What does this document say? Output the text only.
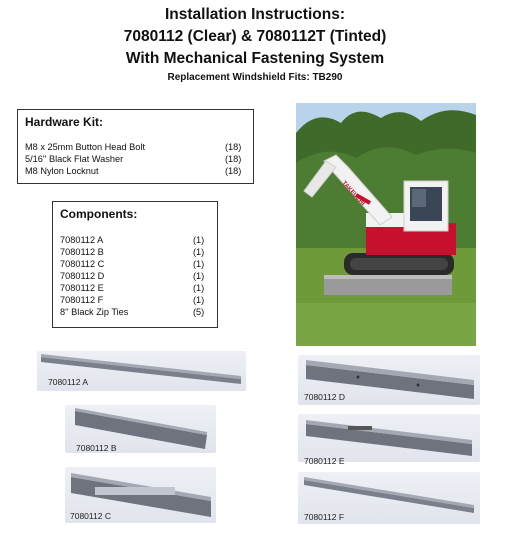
Installation Instructions:
7080112 (Clear) & 7080112T (Tinted)
With Mechanical Fastening System
Replacement Windshield Fits: TB290
Hardware Kit:
M8 x 25mm Button Head Bolt	(18)
5/16'' Black Flat Washer	(18)
M8 Nylon Locknut	(18)
Components:
7080112 A	(1)
7080112 B	(1)
7080112 C	(1)
7080112 D	(1)
7080112 E	(1)
7080112 F	(1)
8'' Black Zip Ties	(5)
TAKEUCHI
7080112 A
7080112 D
7080112 B
7080112 E
7080112 C	7080112 F
